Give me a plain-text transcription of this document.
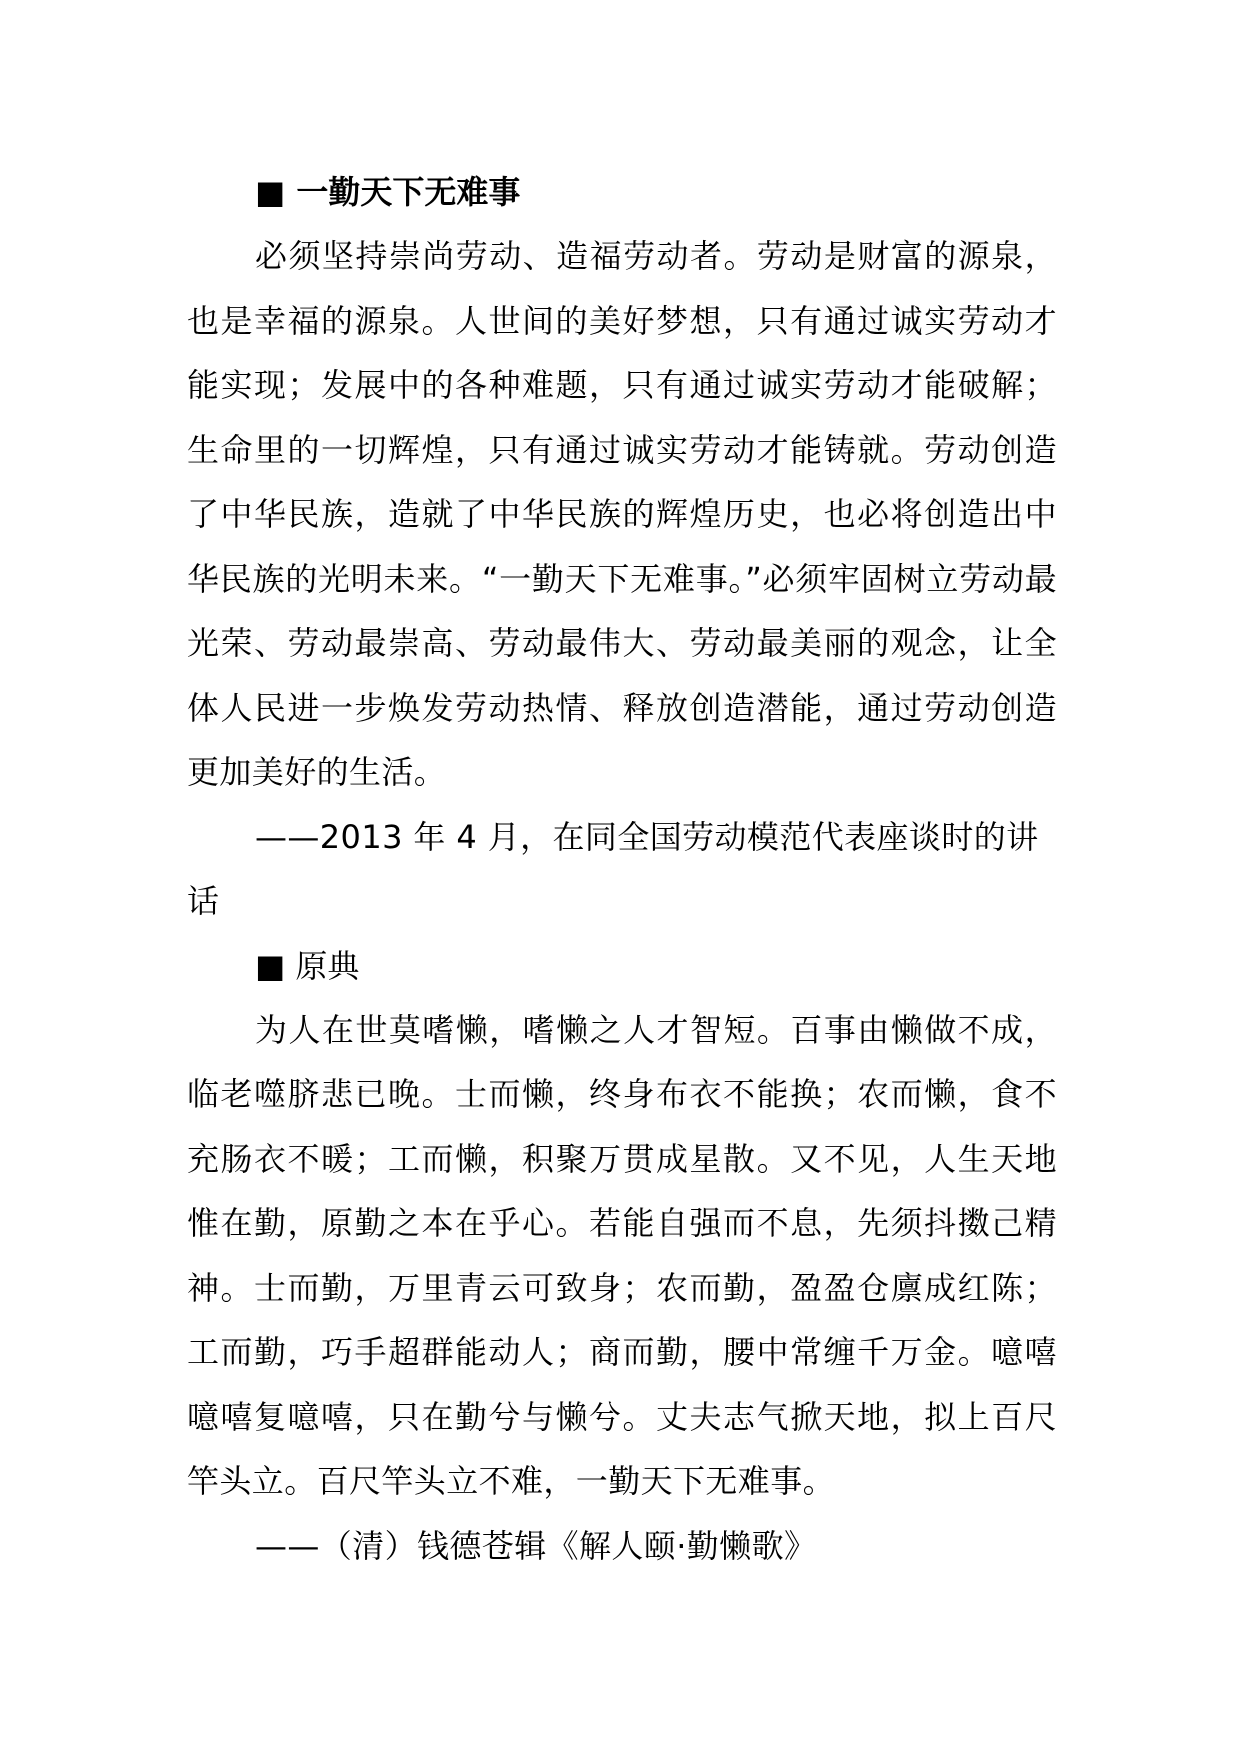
■ 一勤天下无难事

必须坚持崇尚劳动、造福劳动者。劳动是财富的源泉，也是幸福的源泉。人世间的美好梦想，只有通过诚实劳动才能实现；发展中的各种难题，只有通过诚实劳动才能破解；生命里的一切辉煌，只有通过诚实劳动才能铸就。劳动创造了中华民族，造就了中华民族的辉煌历史，也必将创造出中华民族的光明未来。“一勤天下无难事。”必须牢固树立劳动最光荣、劳动最崇高、劳动最伟大、劳动最美丽的观念，让全体人民进一步焕发劳动热情、释放创造潜能，通过劳动创造更加美好的生活。

——2013 年 4 月，在同全国劳动模范代表座谈时的讲话

■ 原典

为人在世莫嗜懒，嗜懒之人才智短。百事由懒做不成，临老噬脐悲已晚。士而懒，终身布衣不能换；农而懒，食不充肠衣不暖；工而懒，积聚万贯成星散。又不见，人生天地惟在勤，原勤之本在乎心。若能自强而不息，先须抖擞己精神。士而勤，万里青云可致身；农而勤，盈盈仓廪成红陈；工而勤，巧手超群能动人；商而勤，腰中常缠千万金。噫嘻噫嘻复噫嘻，只在勤兮与懒兮。丈夫志气掀天地，拟上百尺竿头立。百尺竿头立不难，一勤天下无难事。

——（清）钱德苍辑《解人颐·勤懒歌》
